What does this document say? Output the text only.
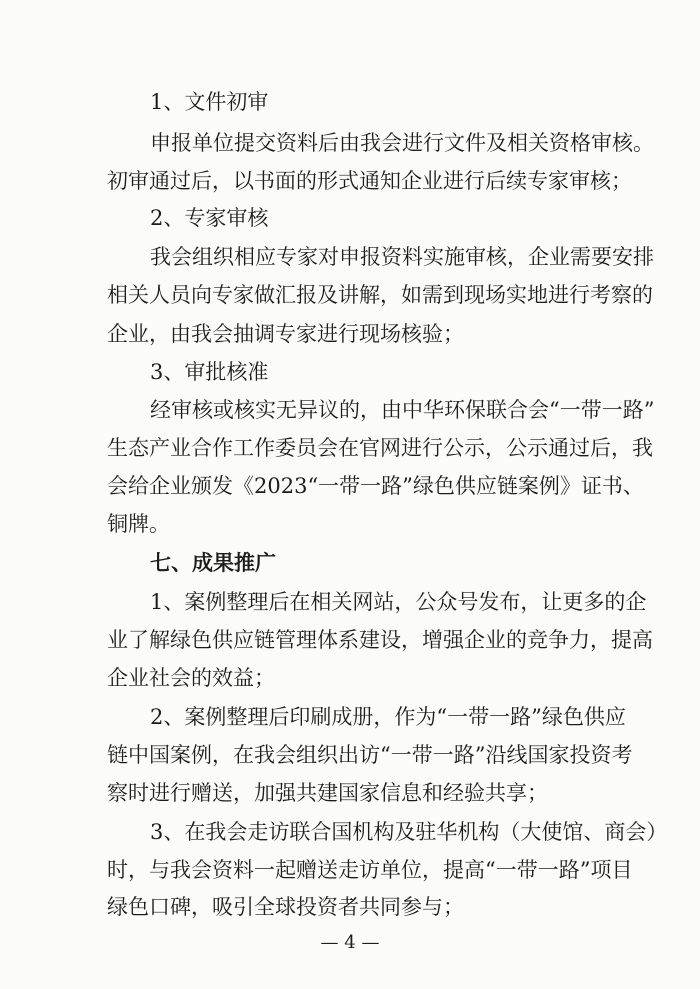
1、文件初审
申报单位提交资料后由我会进行文件及相关资格审核。
初审通过后，以书面的形式通知企业进行后续专家审核；
2、专家审核
我会组织相应专家对申报资料实施审核，企业需要安排
相关人员向专家做汇报及讲解，如需到现场实地进行考察的
企业，由我会抽调专家进行现场核验；
3、审批核准
经审核或核实无异议的，由中华环保联合会“一带一路”
生态产业合作工作委员会在官网进行公示，公示通过后，我
会给企业颁发《2023“一带一路”绿色供应链案例》证书、
铜牌。
七、成果推广
1、案例整理后在相关网站，公众号发布，让更多的企
业了解绿色供应链管理体系建设，增强企业的竞争力，提高
企业社会的效益；
2、案例整理后印刷成册，作为“一带一路”绿色供应
链中国案例，在我会组织出访“一带一路”沿线国家投资考
察时进行赠送，加强共建国家信息和经验共享；
3、在我会走访联合国机构及驻华机构（大使馆、商会）
时，与我会资料一起赠送走访单位，提高“一带一路”项目
绿色口碑，吸引全球投资者共同参与；
— 4 —
